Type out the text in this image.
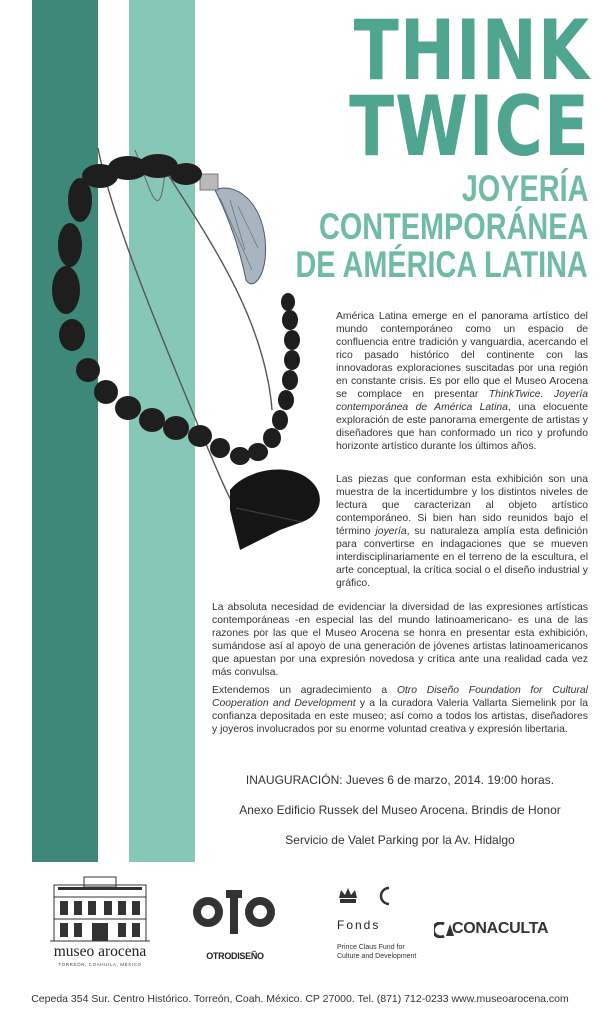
THINK
TWICE
JOYERÍA
CONTEMPORÁNEA
DE AMÉRICA LATINA

América Latina emerge en el panorama artístico del mundo contemporáneo como un espacio de confluencia entre tradición y vanguardia, acercando el rico pasado histórico del continente con las innovadoras exploraciones suscitadas por una región en constante crisis. Es por ello que el Museo Arocena se complace en presentar ThinkTwice. Joyería contemporánea de América Latina, una elocuente exploración de este panorama emergente de artistas y diseñadores que han conformado un rico y profundo horizonte artístico durante los últimos años.

Las piezas que conforman esta exhibición son una muestra de la incertidumbre y los distintos niveles de lectura que caracterizan al objeto artístico contemporáneo. Si bien han sido reunidos bajo el término joyería, su naturaleza amplía esta definición para convertirse en indagaciones que se mueven interdisciplinariamente en el terreno de la escultura, el arte conceptual, la crítica social o el diseño industrial y gráfico.

La absoluta necesidad de evidenciar la diversidad de las expresiones artísticas contemporáneas -en especial las del mundo latinoamericano- es una de las razones por las que el Museo Arocena se honra en presentar esta exhibición, sumándose así al apoyo de una generación de jóvenes artistas latinoamericanos que apuestan por una expresión novedosa y crítica ante una realidad cada vez más convulsa.

Extendemos un agradecimiento a Otro Diseño Foundation for Cultural Cooperation and Development y a la curadora Valeria Vallarta Siemelink por la confianza depositada en este museo; así como a todos los artistas, diseñadores y joyeros involucrados por su enorme voluntad creativa y expresión libertaria.

INAUGURACIÓN: Jueves 6 de marzo, 2014. 19:00 horas.

Anexo Edificio Russek del Museo Arocena. Brindis de Honor

Servicio de Valet Parking por la Av. Hidalgo

museo arocena

TORREÓN, COAHUILA, MÉXICO

OTRODISEÑO

Fonds

Prince Claus Fund for

Culture and Development

CONACULTA

Cepeda 354 Sur. Centro Histórico. Torreón, Coah. México. CP 27000. Tel. (871) 712-0233 www.museoarocena.com
